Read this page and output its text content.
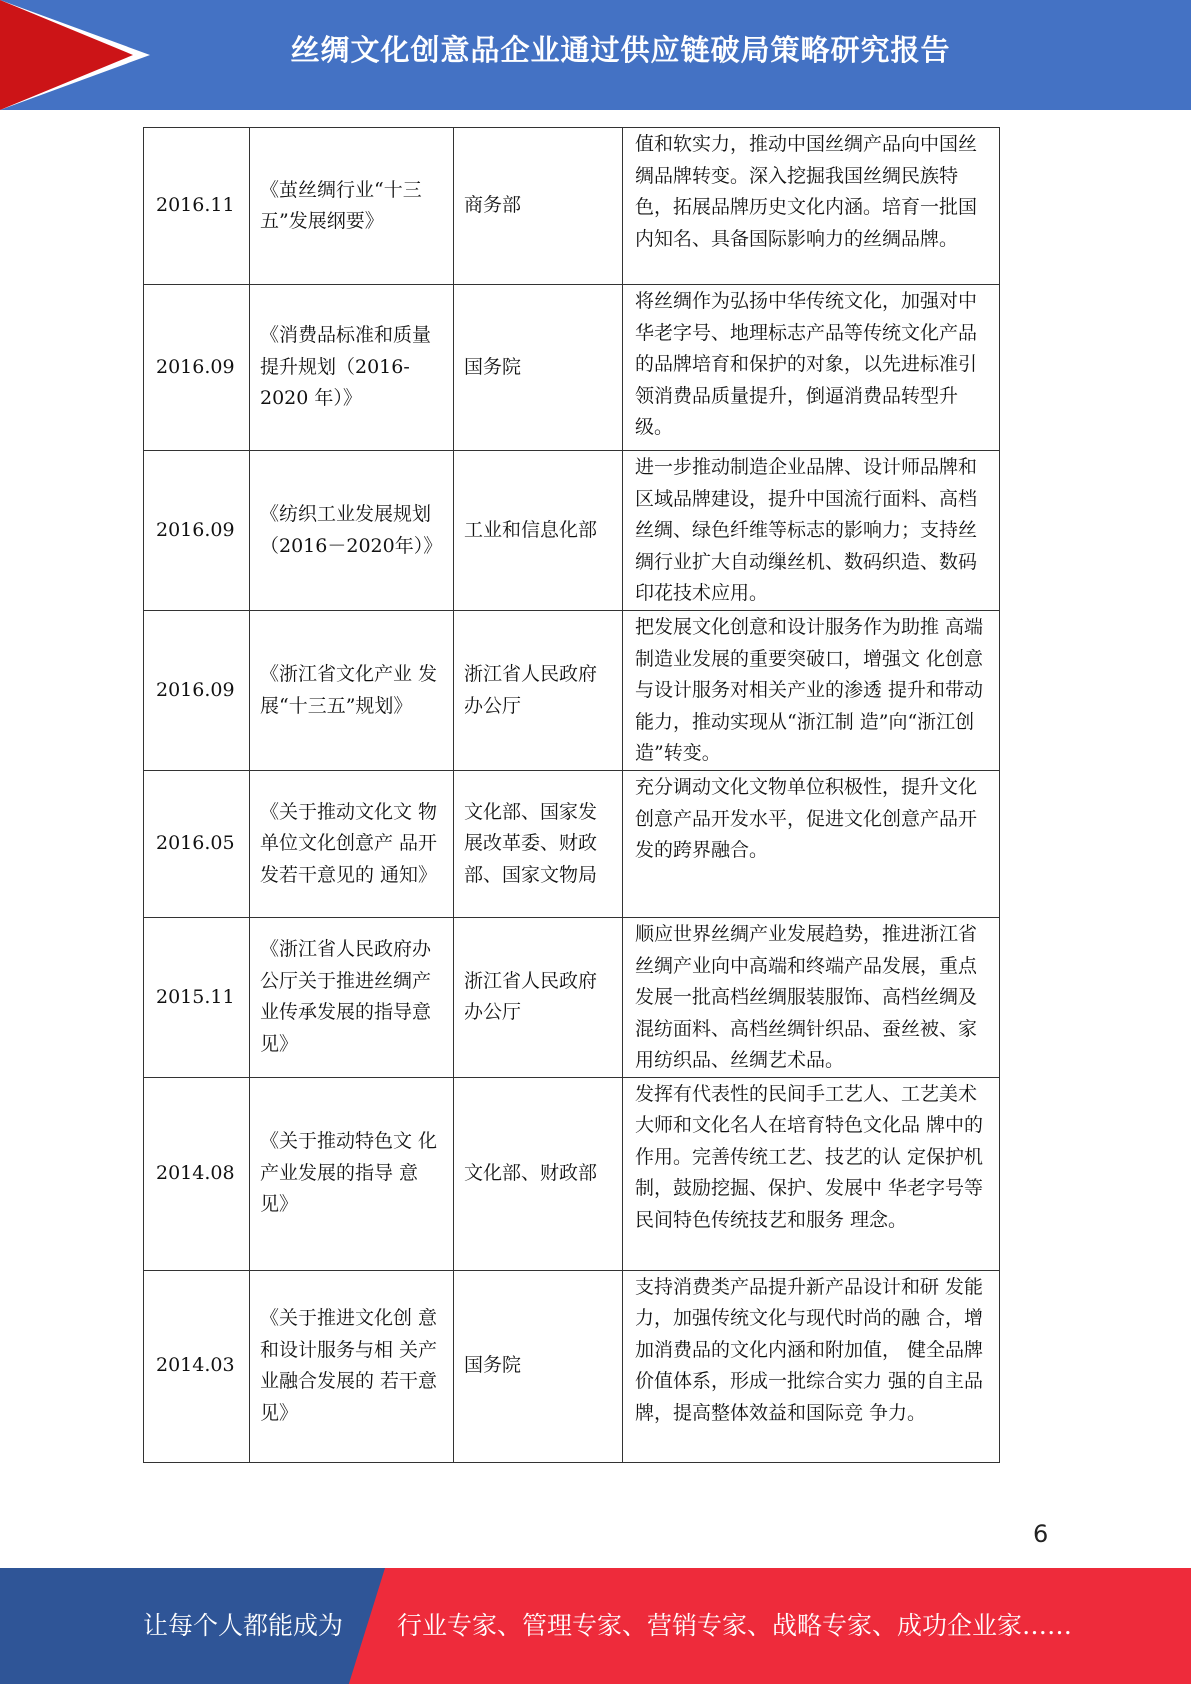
丝绸文化创意品企业通过供应链破局策略研究报告
2016.11	《茧丝绸行业“十三五”发展纲要》	商务部	值和软实力，推动中国丝绸产品向中国丝绸品牌转变。深入挖掘我国丝绸民族特色，拓展品牌历史文化内涵。培育一批国内知名、具备国际影响力的丝绸品牌。
2016.09	《消费品标准和质量提升规划（2016-2020 年）》	国务院	将丝绸作为弘扬中华传统文化，加强对中华老字号、地理标志产品等传统文化产品的品牌培育和保护的对象，以先进标准引领消费品质量提升，倒逼消费品转型升级。
2016.09	《纺织工业发展规划（2016－2020年）》	工业和信息化部	进一步推动制造企业品牌、设计师品牌和区域品牌建设，提升中国流行面料、高档丝绸、绿色纤维等标志的影响力；支持丝绸行业扩大自动缫丝机、数码织造、数码印花技术应用。
2016.09	《浙江省文化产业 发展“十三五”规划》	浙江省人民政府 办公厅	把发展文化创意和设计服务作为助推 高端制造业发展的重要突破口，增强文 化创意与设计服务对相关产业的渗透 提升和带动能力，推动实现从“浙江制 造”向“浙江创造”转变。
2016.05	《关于推动文化文 物单位文化创意产 品开发若干意见的 通知》	文化部、国家发 展改革委、财政 部、国家文物局	充分调动文化文物单位积极性，提升文化创意产品开发水平，促进文化创意产品开发的跨界融合。
2015.11	《浙江省人民政府办公厅关于推进丝绸产业传承发展的指导意见》	浙江省人民政府办公厅	顺应世界丝绸产业发展趋势，推进浙江省丝绸产业向中高端和终端产品发展，重点发展一批高档丝绸服装服饰、高档丝绸及混纺面料、高档丝绸针织品、蚕丝被、家用纺织品、丝绸艺术品。
2014.08	《关于推动特色文 化产业发展的指导 意见》	文化部、财政部	发挥有代表性的民间手工艺人、工艺美术大师和文化名人在培育特色文化品 牌中的作用。完善传统工艺、技艺的认 定保护机制，鼓励挖掘、保护、发展中 华老字号等民间特色传统技艺和服务 理念。
2014.03	《关于推进文化创 意和设计服务与相 关产业融合发展的 若干意见》	国务院	支持消费类产品提升新产品设计和研 发能力，加强传统文化与现代时尚的融 合，增加消费品的文化内涵和附加值， 健全品牌价值体系，形成一批综合实力 强的自主品牌，提高整体效益和国际竞 争力。
6
让每个人都能成为 行业专家、管理专家、营销专家、战略专家、成功企业家……
